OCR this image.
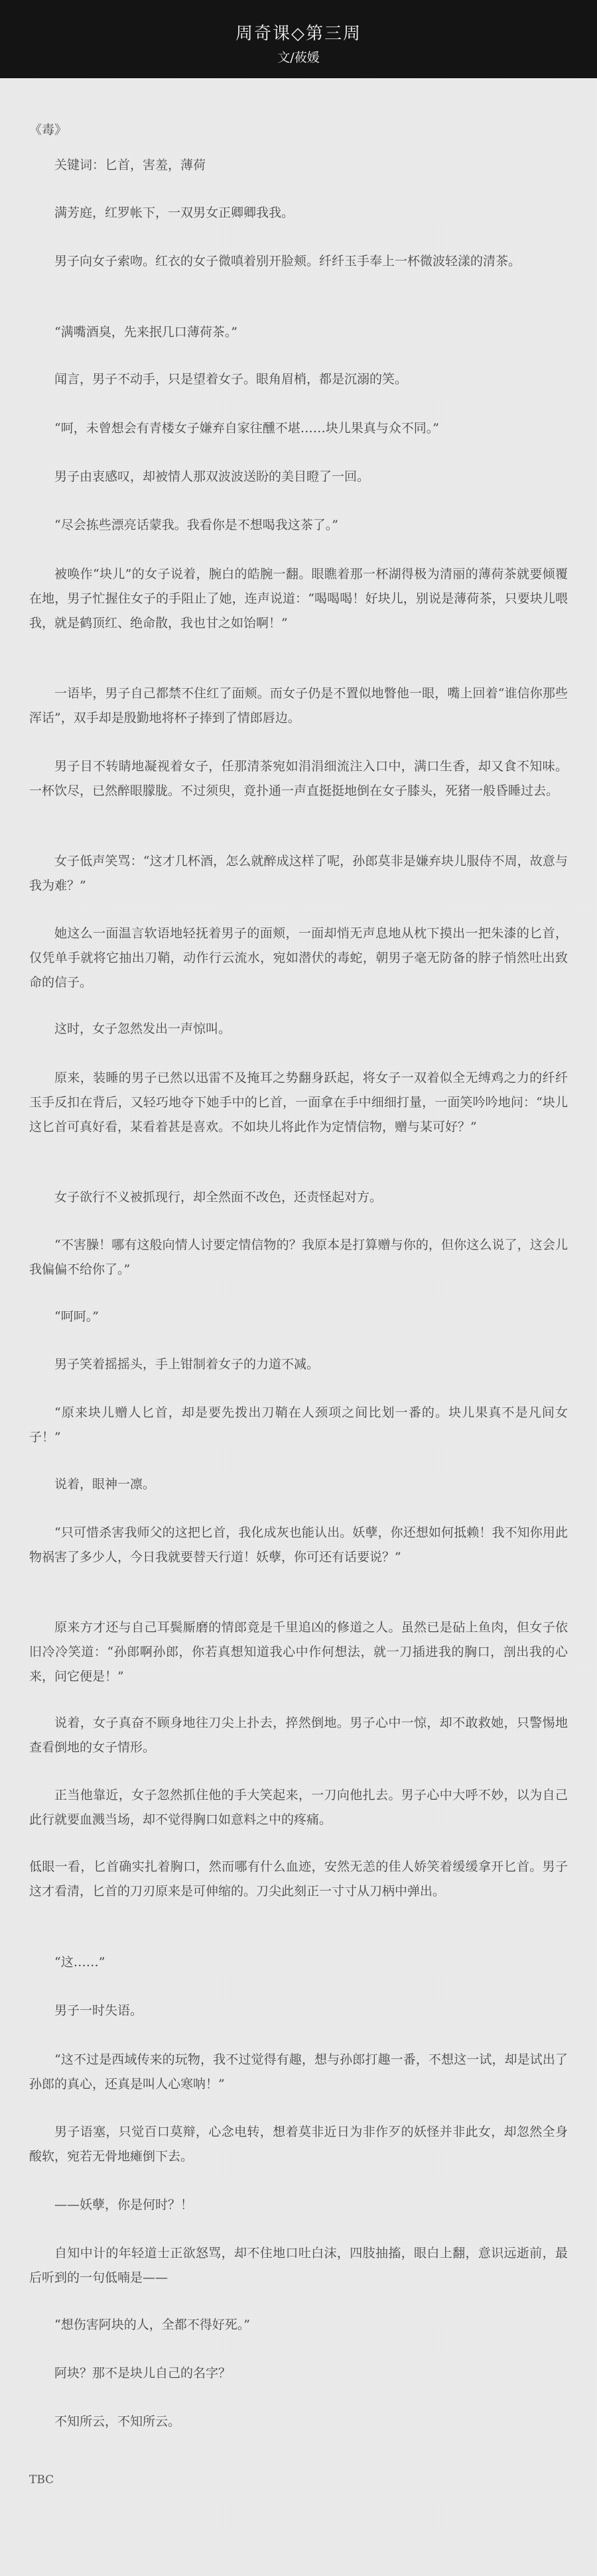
周奇课◇第三周
文/莜媛
《毒》
关键词：匕首，害羞，薄荷
满芳庭，红罗帐下，一双男女正卿卿我我。
男子向女子索吻。红衣的女子微嗔着别开脸颊。纤纤玉手奉上一杯微波轻漾的清茶。
“满嘴酒臭，先来抿几口薄荷茶。”
闻言，男子不动手，只是望着女子。眼角眉梢，都是沉溺的笑。
“呵，未曾想会有青楼女子嫌弃自家往醺不堪……块儿果真与众不同。”
男子由衷感叹，却被情人那双波波送盼的美目瞪了一回。
“尽会拣些漂亮话蒙我。我看你是不想喝我这茶了。”
被唤作“块儿”的女子说着，腕白的皓腕一翻。眼瞧着那一杯湖得极为清丽的薄荷茶就要倾覆在地，男子忙握住女子的手阻止了她，连声说道：“喝喝喝！好块儿，别说是薄荷茶，只要块儿喂我，就是鹤顶红、绝命散，我也甘之如饴啊！”
一语毕，男子自己都禁不住红了面颊。而女子仍是不置似地瞥他一眼，嘴上回着“谁信你那些浑话”，双手却是殷勤地将杯子捧到了情郎唇边。
男子目不转睛地凝视着女子，任那清茶宛如涓涓细流注入口中，满口生香，却又食不知味。一杯饮尽，已然醉眼朦胧。不过须臾，竟扑通一声直挺挺地倒在女子膝头，死猪一般昏睡过去。
女子低声笑骂：“这才几杯酒，怎么就醉成这样了呢，孙郎莫非是嫌弃块儿服侍不周，故意与我为难？”
她这么一面温言软语地轻抚着男子的面颊，一面却悄无声息地从枕下摸出一把朱漆的匕首，仅凭单手就将它抽出刀鞘，动作行云流水，宛如潜伏的毒蛇，朝男子毫无防备的脖子悄然吐出致命的信子。
这时，女子忽然发出一声惊叫。
原来，装睡的男子已然以迅雷不及掩耳之势翻身跃起，将女子一双着似全无缚鸡之力的纤纤玉手反扣在背后，又轻巧地夺下她手中的匕首，一面拿在手中细细打量，一面笑吟吟地问：“块儿这匕首可真好看，某看着甚是喜欢。不如块儿将此作为定情信物，赠与某可好？”
女子欲行不义被抓现行，却全然面不改色，还责怪起对方。
“不害臊！哪有这般向情人讨要定情信物的？我原本是打算赠与你的，但你这么说了，这会儿我偏偏不给你了。”
“呵呵。”
男子笑着摇摇头，手上钳制着女子的力道不减。
“原来块儿赠人匕首，却是要先拨出刀鞘在人颈项之间比划一番的。块儿果真不是凡间女子！”
说着，眼神一凛。
“只可惜杀害我师父的这把匕首，我化成灰也能认出。妖孽，你还想如何抵赖！我不知你用此物祸害了多少人，今日我就要替天行道！妖孽，你可还有话要说？”
原来方才还与自己耳鬓厮磨的情郎竟是千里追凶的修道之人。虽然已是砧上鱼肉，但女子依旧冷冷笑道：“孙郎啊孙郎，你若真想知道我心中作何想法，就一刀插进我的胸口，剖出我的心来，问它便是！”
说着，女子真奋不顾身地往刀尖上扑去，捽然倒地。男子心中一惊，却不敢救她，只警惕地查看倒地的女子情形。
正当他靠近，女子忽然抓住他的手大笑起来，一刀向他扎去。男子心中大呼不妙，以为自己此行就要血溅当场，却不觉得胸口如意料之中的疼痛。
低眼一看，匕首确实扎着胸口，然而哪有什么血迹，安然无恙的佳人娇笑着缓缓拿开匕首。男子这才看清，匕首的刀刃原来是可伸缩的。刀尖此刻正一寸寸从刀柄中弹出。
“这……”
男子一时失语。
“这不过是西域传来的玩物，我不过觉得有趣，想与孙郎打趣一番，不想这一试，却是试出了孙郎的真心，还真是叫人心寒呐！”
男子语塞，只觉百口莫辩，心念电转，想着莫非近日为非作歹的妖怪并非此女，却忽然全身酸软，宛若无骨地瘫倒下去。
——妖孽，你是何时？！
自知中计的年轻道士正欲怒骂，却不住地口吐白沫，四肢抽搐，眼白上翻，意识远逝前，最后听到的一句低喃是——
“想伤害阿块的人，全都不得好死。”
阿块？那不是块儿自己的名字？
不知所云，不知所云。
TBC
